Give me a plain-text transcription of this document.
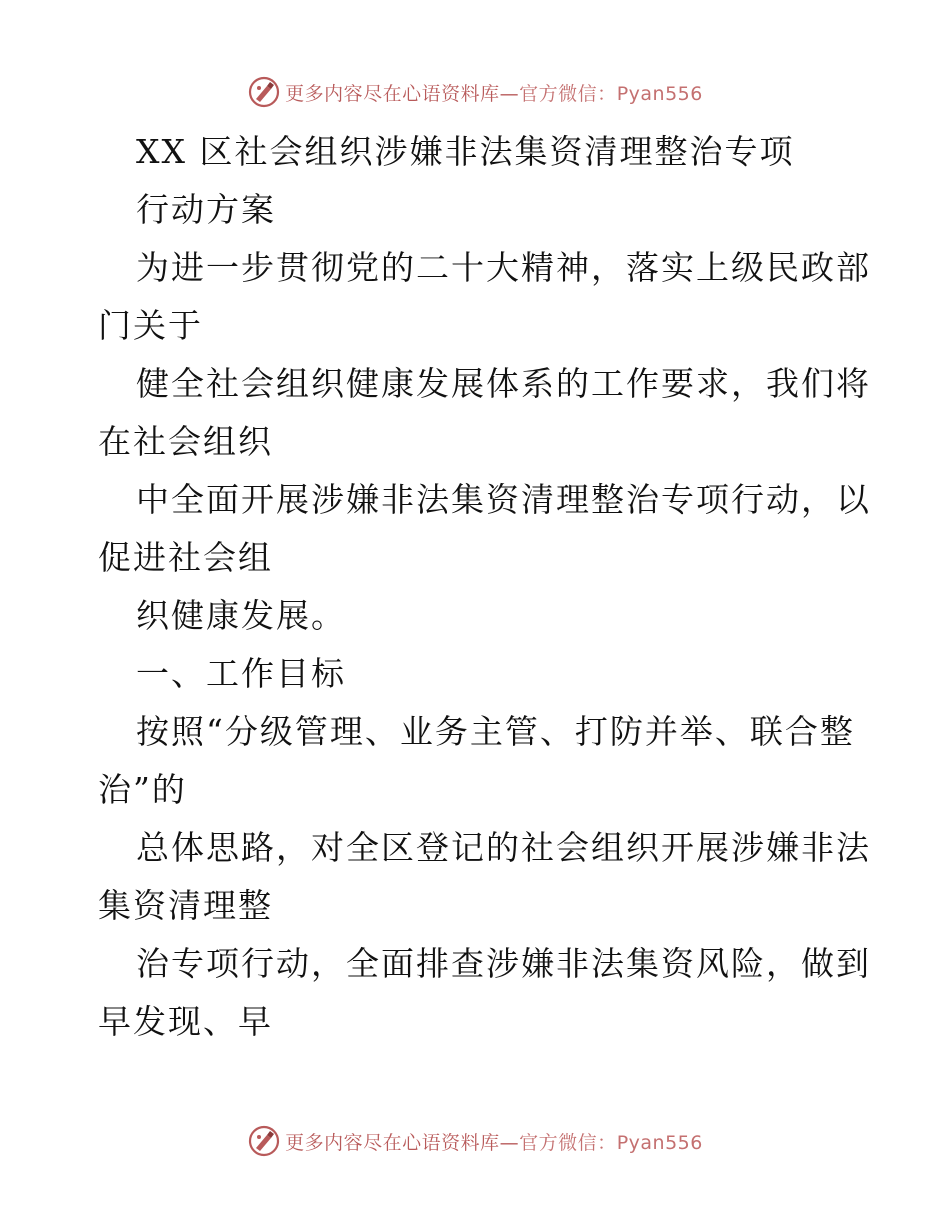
更多内容尽在心语资料库—官方微信：Pyan556
XX 区社会组织涉嫌非法集资清理整治专项
行动方案
为进一步贯彻党的二十大精神，落实上级民政部
门关于
健全社会组织健康发展体系的工作要求，我们将
在社会组织
中全面开展涉嫌非法集资清理整治专项行动，以
促进社会组
织健康发展。
一、工作目标
按照“分级管理、业务主管、打防并举、联合整
治”的
总体思路，对全区登记的社会组织开展涉嫌非法
集资清理整
治专项行动，全面排查涉嫌非法集资风险，做到
早发现、早
更多内容尽在心语资料库—官方微信：Pyan556
